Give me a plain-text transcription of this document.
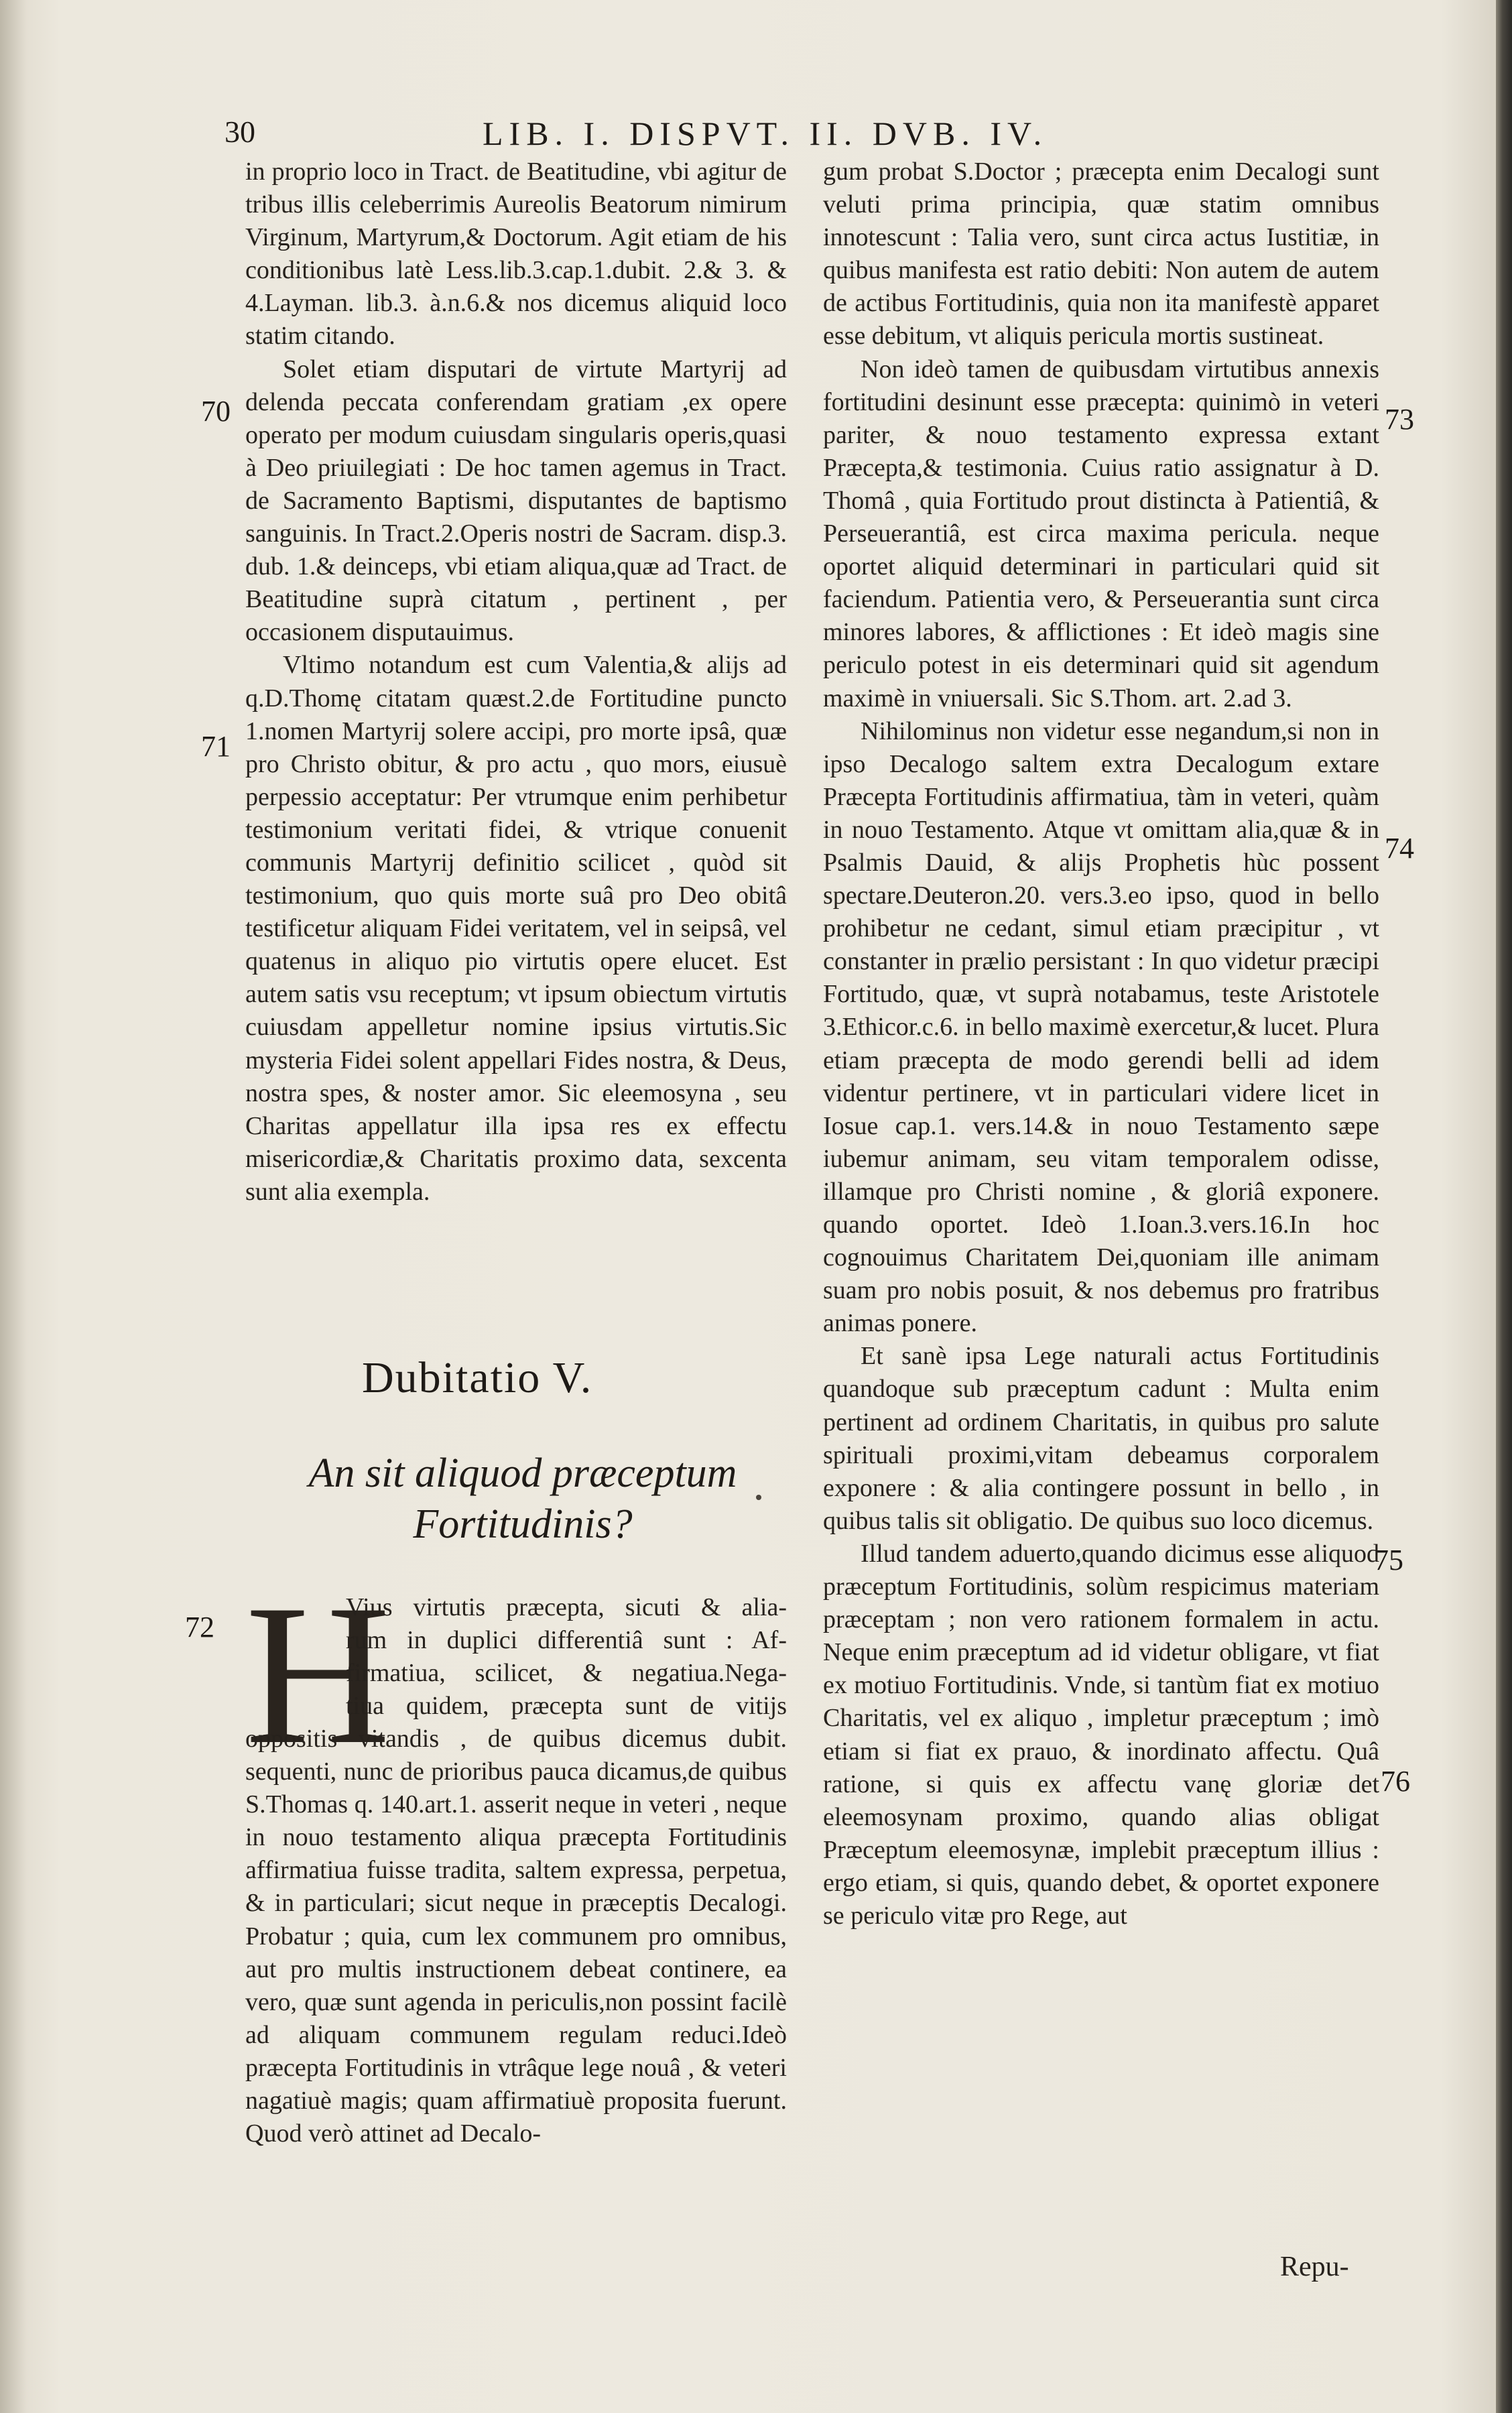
30	LIB. I. DISPVT. II. DVB. IV.

in proprio loco in Tract. de Beatitudine, vbi agitur de tribus illis celeberrimis Aureolis Beatorum nimirum Virginum, Martyrum,& Doctorum. Agit etiam de his conditionibus latè Less.lib.3.cap.1.dubit. 2.& 3. & 4.Layman. lib.3. à.n.6.& nos dicemus aliquid loco statim citando.

Solet etiam disputari de virtute Martyrij ad delenda peccata conferendam gratiam ,ex opere operato per modum cuiusdam singularis operis,quasi à Deo priuilegiati : De hoc tamen agemus in Tract. de Sacramento Baptismi, disputantes de baptismo sanguinis. In Tract.2.Operis nostri de Sacram. disp.3. dub. 1.& deinceps, vbi etiam aliqua,quæ ad Tract. de Beatitudine suprà citatum , pertinent , per occasionem disputauimus.

Vltimo notandum est cum Valentia,& alijs ad q.D.Thomę citatam quæst.2.de Fortitudine puncto 1.nomen Martyrij solere accipi, pro morte ipsâ, quæ pro Christo obitur, & pro actu , quo mors, eiusuè perpessio acceptatur: Per vtrumque enim perhibetur testimonium veritati fidei, & vtrique conuenit communis Martyrij definitio scilicet , quòd sit testimonium, quo quis morte suâ pro Deo obitâ testificetur aliquam Fidei veritatem, vel in seipsâ, vel quatenus in aliquo pio virtutis opere elucet. Est autem satis vsu receptum; vt ipsum obiectum virtutis cuiusdam appelletur nomine ipsius virtutis.Sic mysteria Fidei solent appellari Fides nostra, & Deus, nostra spes, & noster amor. Sic eleemosyna , seu Charitas appellatur illa ipsa res ex effectu misericordiæ,& Charitatis proximo data, sexcenta sunt alia exempla.

70
71
Dubitatio V.
An sit aliquod præceptum
Fortitudinis?
72 H
Vius virtutis præcepta, sicuti & alia-
rum in duplici differentiâ sunt : Af-
firmatiua, scilicet, & negatiua.Nega-
tiua quidem, præcepta sunt de vitijs
oppositis vitandis , de quibus dicemus dubit. sequenti, nunc de prioribus pauca dicamus,de quibus S.Thomas q. 140.art.1. asserit neque in veteri , neque in nouo testamento aliqua præcepta Fortitudinis affirmatiua fuisse tradita, saltem expressa, perpetua, & in particulari; sicut neque in præceptis Decalogi. Probatur ; quia, cum lex communem pro omnibus, aut pro multis instructionem debeat continere, ea vero, quæ sunt agenda in periculis,non possint facilè ad aliquam communem regulam reduci.Ideò præcepta Fortitudinis in vtrâque lege nouâ , & veteri nagatiuè magis; quam affirmatiuè proposita fuerunt. Quod verò attinet ad Decalo-

gum probat S.Doctor ; præcepta enim Decalogi sunt veluti prima principia, quæ statim omnibus innotescunt : Talia vero, sunt circa actus Iustitiæ, in quibus manifesta est ratio debiti: Non autem de autem de actibus Fortitudinis, quia non ita manifestè apparet esse debitum, vt aliquis pericula mortis sustineat.

Non ideò tamen de quibusdam virtutibus annexis fortitudini desinunt esse præcepta: quinimò in veteri pariter, & nouo testamento expressa extant Præcepta,& testimonia. Cuius ratio assignatur à D. Thomâ , quia Fortitudo prout distincta à Patientiâ, & Perseuerantiâ, est circa maxima pericula. neque oportet aliquid determinari in particulari quid sit faciendum. Patientia vero, & Perseuerantia sunt circa minores labores, & afflictiones : Et ideò magis sine periculo potest in eis determinari quid sit agendum maximè in vniuersali. Sic S.Thom. art. 2.ad 3.

Nihilominus non videtur esse negandum,si non in ipso Decalogo saltem extra Decalogum extare Præcepta Fortitudinis affirmatiua, tàm in veteri, quàm in nouo Testamento. Atque vt omittam alia,quæ & in Psalmis Dauid, & alijs Prophetis hùc possent spectare.Deuteron.20. vers.3.eo ipso, quod in bello prohibetur ne cedant, simul etiam præcipitur , vt constanter in prælio persistant : In quo videtur præcipi Fortitudo, quæ, vt suprà notabamus, teste Aristotele 3.Ethicor.c.6. in bello maximè exercetur,& lucet. Plura etiam præcepta de modo gerendi belli ad idem videntur pertinere, vt in particulari videre licet in Iosue cap.1. vers.14.& in nouo Testamento sæpe iubemur animam, seu vitam temporalem odisse, illamque pro Christi nomine , & gloriâ exponere. quando oportet. Ideò 1.Ioan.3.vers.16.In hoc cognouimus Charitatem Dei,quoniam ille animam suam pro nobis posuit, & nos debemus pro fratribus animas ponere.

Et sanè ipsa Lege naturali actus Fortitudinis quandoque sub præceptum cadunt : Multa enim pertinent ad ordinem Charitatis, in quibus pro salute spirituali proximi,vitam debeamus corporalem exponere : & alia contingere possunt in bello , in quibus talis sit obligatio. De quibus suo loco dicemus.

Illud tandem aduerto,quando dicimus esse aliquod præceptum Fortitudinis, solùm respicimus materiam præceptam ; non vero rationem formalem in actu. Neque enim præceptum ad id videtur obligare, vt fiat ex motiuo Fortitudinis. Vnde, si tantùm fiat ex motiuo Charitatis, vel ex aliquo , impletur præceptum ; imò etiam si fiat ex prauo, & inordinato affectu. Quâ ratione, si quis ex affectu vanę gloriæ det eleemosynam proximo, quando alias obligat Præceptum eleemosynæ, implebit præceptum illius : ergo etiam, si quis, quando debet, & oportet exponere se periculo vitæ pro Rege, aut

73
74
75
76
Repu-
